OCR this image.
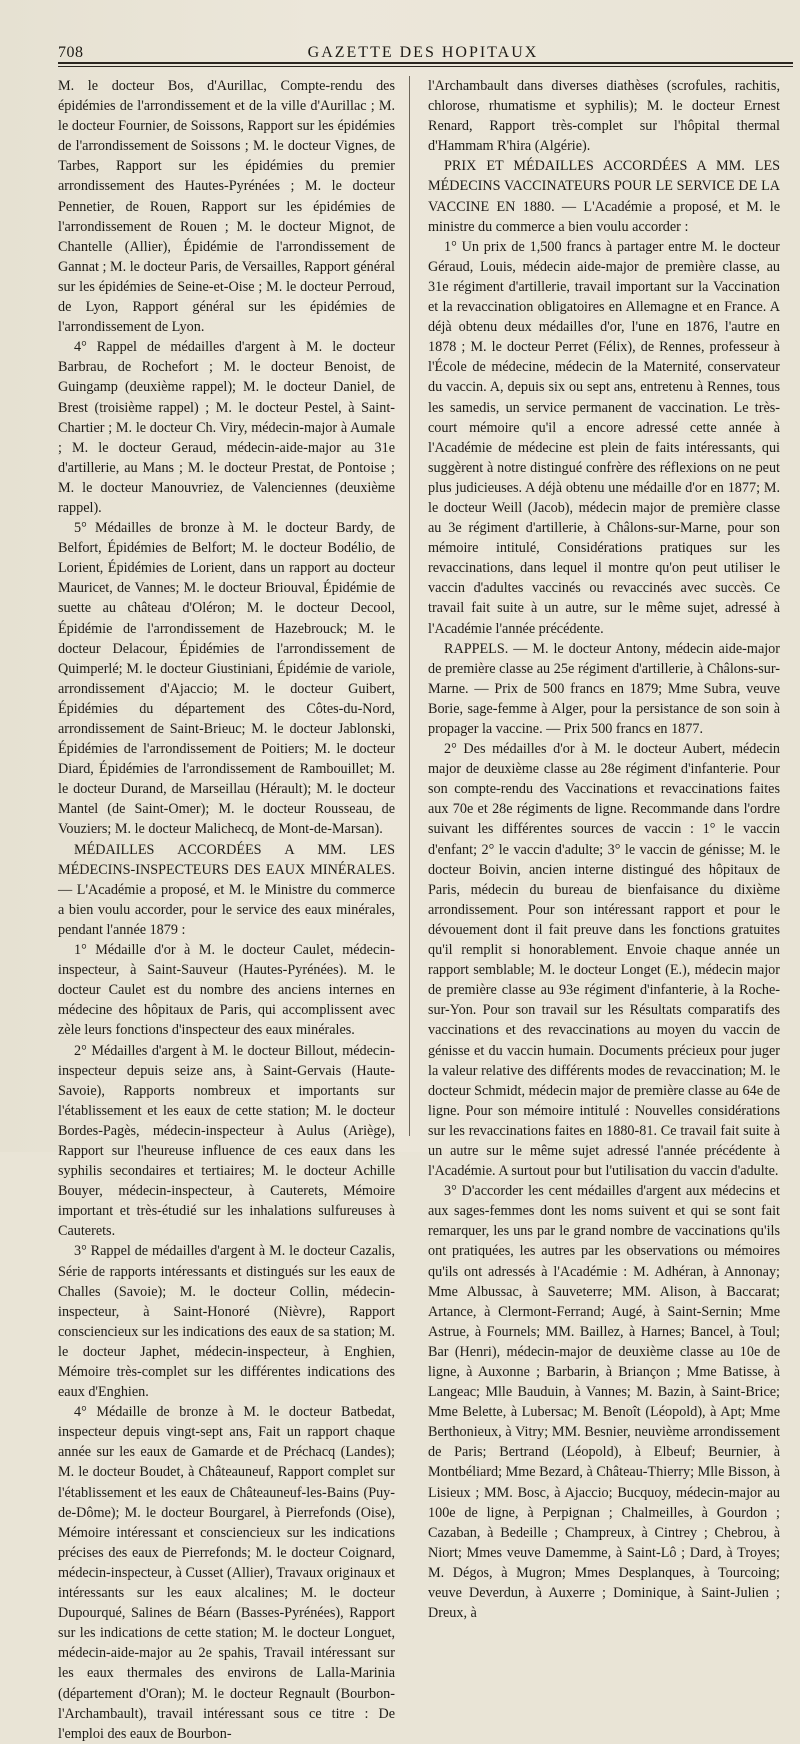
708	GAZETTE DES HOPITAUX

M. le docteur Bos, d'Aurillac, Compte-rendu des épidémies de l'arrondissement et de la ville d'Aurillac ; M. le docteur Fournier, de Soissons, Rapport sur les épidémies de l'arrondissement de Soissons ; M. le docteur Vignes, de Tarbes, Rapport sur les épidémies du premier arrondissement des Hautes-Pyrénées ; M. le docteur Pennetier, de Rouen, Rapport sur les épidémies de l'arrondissement de Rouen ; M. le docteur Mignot, de Chantelle (Allier), Épidémie de l'arrondissement de Gannat ; M. le docteur Paris, de Versailles, Rapport général sur les épidémies de Seine-et-Oise ; M. le docteur Perroud, de Lyon, Rapport général sur les épidémies de l'arrondissement de Lyon.

4° Rappel de médailles d'argent à M. le docteur Barbrau, de Rochefort ; M. le docteur Benoist, de Guingamp (deuxième rappel); M. le docteur Daniel, de Brest (troisième rappel) ; M. le docteur Pestel, à Saint-Chartier ; M. le docteur Ch. Viry, médecin-major à Aumale ; M. le docteur Geraud, médecin-aide-major au 31e d'artillerie, au Mans ; M. le docteur Prestat, de Pontoise ; M. le docteur Manouvriez, de Valenciennes (deuxième rappel).

5° Médailles de bronze à M. le docteur Bardy, de Belfort, Épidémies de Belfort; M. le docteur Bodélio, de Lorient, Épidémies de Lorient, dans un rapport au docteur Mauricet, de Vannes; M. le docteur Briouval, Épidémie de suette au château d'Oléron; M. le docteur Decool, Épidémie de l'arrondissement de Hazebrouck; M. le docteur Delacour, Épidémies de l'arrondissement de Quimperlé; M. le docteur Giustiniani, Épidémie de variole, arrondissement d'Ajaccio; M. le docteur Guibert, Épidémies du département des Côtes-du-Nord, arrondissement de Saint-Brieuc; M. le docteur Jablonski, Épidémies de l'arrondissement de Poitiers; M. le docteur Diard, Épidémies de l'arrondissement de Rambouillet; M. le docteur Durand, de Marseillau (Hérault); M. le docteur Mantel (de Saint-Omer); M. le docteur Rousseau, de Vouziers; M. le docteur Malichecq, de Mont-de-Marsan).

MÉDAILLES ACCORDÉES A MM. LES MÉDECINS-INSPECTEURS DES EAUX MINÉRALES. — L'Académie a proposé, et M. le Ministre du commerce a bien voulu accorder, pour le service des eaux minérales, pendant l'année 1879 :

1° Médaille d'or à M. le docteur Caulet, médecin-inspecteur, à Saint-Sauveur (Hautes-Pyrénées). M. le docteur Caulet est du nombre des anciens internes en médecine des hôpitaux de Paris, qui accomplissent avec zèle leurs fonctions d'inspecteur des eaux minérales.

2° Médailles d'argent à M. le docteur Billout, médecin-inspecteur depuis seize ans, à Saint-Gervais (Haute-Savoie), Rapports nombreux et importants sur l'établissement et les eaux de cette station; M. le docteur Bordes-Pagès, médecin-inspecteur à Aulus (Ariège), Rapport sur l'heureuse influence de ces eaux dans les syphilis secondaires et tertiaires; M. le docteur Achille Bouyer, médecin-inspecteur, à Cauterets, Mémoire important et très-étudié sur les inhalations sulfureuses à Cauterets.

3° Rappel de médailles d'argent à M. le docteur Cazalis, Série de rapports intéressants et distingués sur les eaux de Challes (Savoie); M. le docteur Collin, médecin-inspecteur, à Saint-Honoré (Nièvre), Rapport consciencieux sur les indications des eaux de sa station; M. le docteur Japhet, médecin-inspecteur, à Enghien, Mémoire très-complet sur les différentes indications des eaux d'Enghien.

4° Médaille de bronze à M. le docteur Batbedat, inspecteur depuis vingt-sept ans, Fait un rapport chaque année sur les eaux de Gamarde et de Préchacq (Landes); M. le docteur Boudet, à Châteauneuf, Rapport complet sur l'établissement et les eaux de Châteauneuf-les-Bains (Puy-de-Dôme); M. le docteur Bourgarel, à Pierrefonds (Oise), Mémoire intéressant et consciencieux sur les indications précises des eaux de Pierrefonds; M. le docteur Coignard, médecin-inspecteur, à Cusset (Allier), Travaux originaux et intéressants sur les eaux alcalines; M. le docteur Dupourqué, Salines de Béarn (Basses-Pyrénées), Rapport sur les indications de cette station; M. le docteur Longuet, médecin-aide-major au 2e spahis, Travail intéressant sur les eaux thermales des environs de Lalla-Marinia (département d'Oran); M. le docteur Regnault (Bourbon-l'Archambault), travail intéressant sous ce titre : De l'emploi des eaux de Bourbon-

l'Archambault dans diverses diathèses (scrofules, rachitis, chlorose, rhumatisme et syphilis); M. le docteur Ernest Renard, Rapport très-complet sur l'hôpital thermal d'Hammam R'hira (Algérie).

PRIX ET MÉDAILLES ACCORDÉES A MM. LES MÉDECINS VACCINATEURS POUR LE SERVICE DE LA VACCINE EN 1880. — L'Académie a proposé, et M. le ministre du commerce a bien voulu accorder :

1° Un prix de 1,500 francs à partager entre M. le docteur Géraud, Louis, médecin aide-major de première classe, au 31e régiment d'artillerie, travail important sur la Vaccination et la revaccination obligatoires en Allemagne et en France. A déjà obtenu deux médailles d'or, l'une en 1876, l'autre en 1878 ; M. le docteur Perret (Félix), de Rennes, professeur à l'École de médecine, médecin de la Maternité, conservateur du vaccin. A, depuis six ou sept ans, entretenu à Rennes, tous les samedis, un service permanent de vaccination. Le très-court mémoire qu'il a encore adressé cette année à l'Académie de médecine est plein de faits intéressants, qui suggèrent à notre distingué confrère des réflexions on ne peut plus judicieuses. A déjà obtenu une médaille d'or en 1877; M. le docteur Weill (Jacob), médecin major de première classe au 3e régiment d'artillerie, à Châlons-sur-Marne, pour son mémoire intitulé, Considérations pratiques sur les revaccinations, dans lequel il montre qu'on peut utiliser le vaccin d'adultes vaccinés ou revaccinés avec succès. Ce travail fait suite à un autre, sur le même sujet, adressé à l'Académie l'année précédente.

RAPPELS. — M. le docteur Antony, médecin aide-major de première classe au 25e régiment d'artillerie, à Châlons-sur-Marne. — Prix de 500 francs en 1879; Mme Subra, veuve Borie, sage-femme à Alger, pour la persistance de son soin à propager la vaccine. — Prix 500 francs en 1877.

2° Des médailles d'or à M. le docteur Aubert, médecin major de deuxième classe au 28e régiment d'infanterie. Pour son compte-rendu des Vaccinations et revaccinations faites aux 70e et 28e régiments de ligne. Recommande dans l'ordre suivant les différentes sources de vaccin : 1° le vaccin d'enfant; 2° le vaccin d'adulte; 3° le vaccin de génisse; M. le docteur Boivin, ancien interne distingué des hôpitaux de Paris, médecin du bureau de bienfaisance du dixième arrondissement. Pour son intéressant rapport et pour le dévouement dont il fait preuve dans les fonctions gratuites qu'il remplit si honorablement. Envoie chaque année un rapport semblable; M. le docteur Longet (E.), médecin major de première classe au 93e régiment d'infanterie, à la Roche-sur-Yon. Pour son travail sur les Résultats comparatifs des vaccinations et des revaccinations au moyen du vaccin de génisse et du vaccin humain. Documents précieux pour juger la valeur relative des différents modes de revaccination; M. le docteur Schmidt, médecin major de première classe au 64e de ligne. Pour son mémoire intitulé : Nouvelles considérations sur les revaccinations faites en 1880-81. Ce travail fait suite à un autre sur le même sujet adressé l'année précédente à l'Académie. A surtout pour but l'utilisation du vaccin d'adulte.

3° D'accorder les cent médailles d'argent aux médecins et aux sages-femmes dont les noms suivent et qui se sont fait remarquer, les uns par le grand nombre de vaccinations qu'ils ont pratiquées, les autres par les observations ou mémoires qu'ils ont adressés à l'Académie : M. Adhéran, à Annonay; Mme Albussac, à Sauveterre; MM. Alison, à Baccarat; Artance, à Clermont-Ferrand; Augé, à Saint-Sernin; Mme Astrue, à Fournels; MM. Baillez, à Harnes; Bancel, à Toul; Bar (Henri), médecin-major de deuxième classe au 10e de ligne, à Auxonne ; Barbarin, à Briançon ; Mme Batisse, à Langeac; Mlle Bauduin, à Vannes; M. Bazin, à Saint-Brice; Mme Belette, à Lubersac; M. Benoît (Léopold), à Apt; Mme Berthonieux, à Vitry; MM. Besnier, neuvième arrondissement de Paris; Bertrand (Léopold), à Elbeuf; Beurnier, à Montbéliard; Mme Bezard, à Château-Thierry; Mlle Bisson, à Lisieux ; MM. Bosc, à Ajaccio; Bucquoy, médecin-major au 100e de ligne, à Perpignan ; Chalmeilles, à Gourdon ; Cazaban, à Bedeille ; Champreux, à Cintrey ; Chebrou, à Niort; Mmes veuve Damemme, à Saint-Lô ; Dard, à Troyes; M. Dégos, à Mugron; Mmes Desplanques, à Tourcoing; veuve Deverdun, à Auxerre ; Dominique, à Saint-Julien ; Dreux, à
